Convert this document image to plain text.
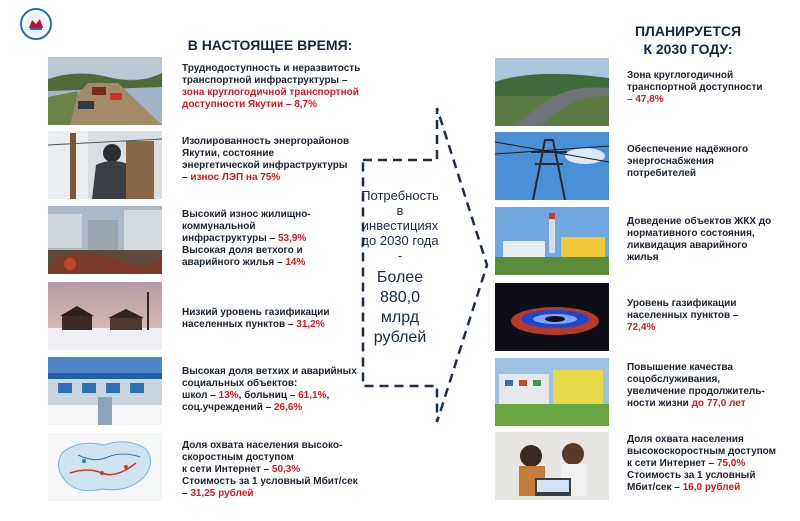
В НАСТОЯЩЕЕ ВРЕМЯ:
ПЛАНИРУЕТСЯ
К 2030 ГОДУ:
Труднодоступность и неразвитость
транспортной инфраструктуры –
зона круглогодичной транспортной
доступности Якутии – 8,7%
Изолированность энергорайонов
Якутии, состояние
энергетической инфраструктуры
– износ ЛЭП на 75%
Высокий износ жилищно-
коммунальной
инфраструктуры – 53,9%
Высокая доля ветхого и
аварийного жилья – 14%
Низкий уровень газификации
населенных пунктов – 31,2%
Высокая доля ветхих и аварийных
социальных объектов:
школ – 13%, больниц – 61,1%,
соц.учреждений – 26,6%
Доля охвата населения высоко-
скоростным доступом
к сети Интернет – 50,3%
Стоимость за 1 условный Мбит/сек
– 31,25 рублей
Потребность
в
инвестициях
до 2030 года
-
Более
880,0
млрд
рублей
Зона круглогодичной
транспортной доступности
– 47,8%
Обеспечение надёжного
энергоснабжения
потребителей
Доведение объектов ЖКХ до
нормативного состояния,
ликвидация аварийного
жилья
Уровень газификации
населенных пунктов –
72,4%
Повышение качества
соцобслуживания,
увеличение продолжитель-
ности жизни до 77,0 лет
Доля охвата населения
высокоскоростным доступом
к сети Интернет – 75,0%
Стоимость за 1 условный
Мбит/сек – 16,0 рублей
